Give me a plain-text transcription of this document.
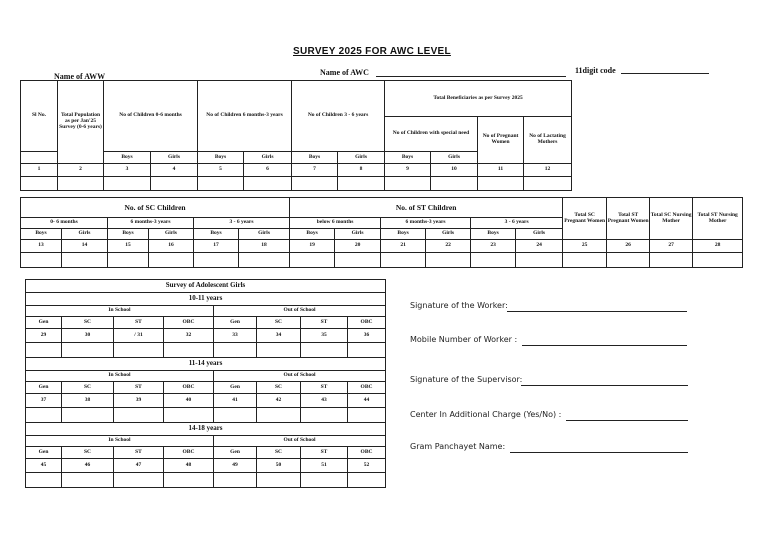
SURVEY 2025 FOR AWC LEVEL
Name of AWW	Name of AWC	11digit code
Sl No.	Total Population as per Jan'25 Survey (0-6 years)	No of Children 0-6 months		No of Children 6 months-3 years		No of Children 3 - 6 years		Total Beneficiaries as per Survey 2025			
								No of Children with special need		No of Pregnant Women	No of Lactating Mothers
		Boys	Girls	Boys	Girls	Boys	Girls	Boys	Girls		
1	2	3	4	5	6	7	8	9	10	11	12

No. of SC Children						No. of ST Children						Total SC Pregnant Women	Total ST Pregnant Women	Total SC Nursing Mother	Total ST Nursing Mother
0- 6 months		6 months-3 years		3 - 6 years		below 6 months		6 months-3 years		3 - 6 years					
Boys	Girls	Boys	Girls	Boys	Girls	Boys	Girls	Boys	Girls	Boys	Girls				
13	14	15	16	17	18	19	20	21	22	23	24	25	26	27	28

Survey of Adolescent Girls							
10-11 years							
In School				Out of School			
Gen	SC	ST	OBC	Gen	SC	ST	OBC
29	30	/ 31	32	33	34	35	36

11-14 years							
In School				Out of School			
Gen	SC	ST	OBC	Gen	SC	ST	OBC
37	38	39	40	41	42	43	44

14-18 years							
In School				Out of School			
Gen	SC	ST	OBC	Gen	SC	ST	OBC
45	46	47	48	49	50	51	52

Signature of the Worker:
Mobile Number of Worker :
Signature of the Supervisor:
Center In Additional Charge (Yes/No) :
Gram Panchayet Name:
